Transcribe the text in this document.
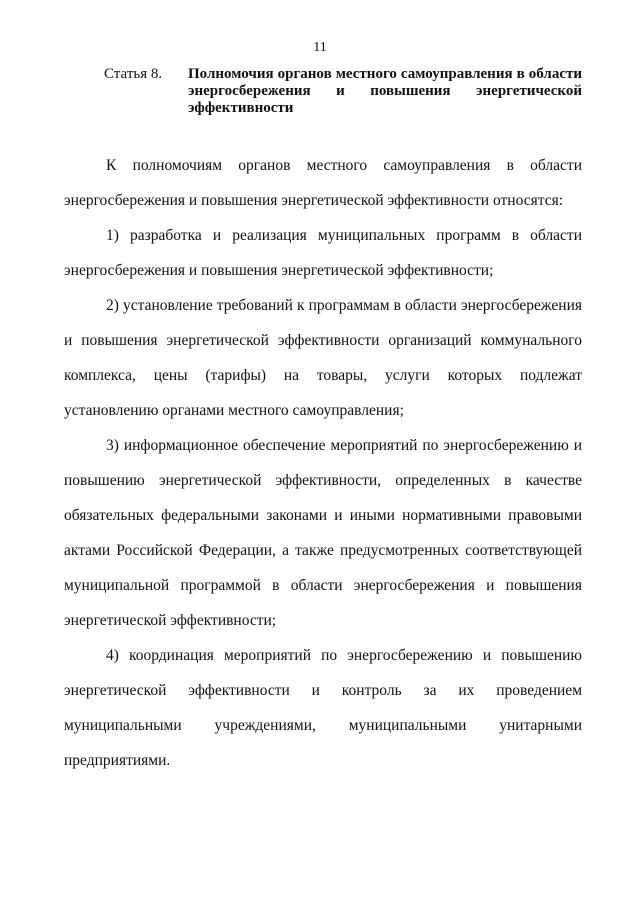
11
Статья 8. Полномочия органов местного самоуправления в области энергосбережения и повышения энергетической эффективности

К полномочиям органов местного самоуправления в области энергосбережения и повышения энергетической эффективности относятся:

1) разработка и реализация муниципальных программ в области энергосбережения и повышения энергетической эффективности;

2) установление требований к программам в области энергосбережения и повышения энергетической эффективности организаций коммунального комплекса, цены (тарифы) на товары, услуги которых подлежат установлению органами местного самоуправления;

3) информационное обеспечение мероприятий по энергосбережению и повышению энергетической эффективности, определенных в качестве обязательных федеральными законами и иными нормативными правовыми актами Российской Федерации, а также предусмотренных соответствующей муниципальной программой в области энергосбережения и повышения энергетической эффективности;

4) координация мероприятий по энергосбережению и повышению энергетической эффективности и контроль за их проведением муниципальными учреждениями, муниципальными унитарными предприятиями.
